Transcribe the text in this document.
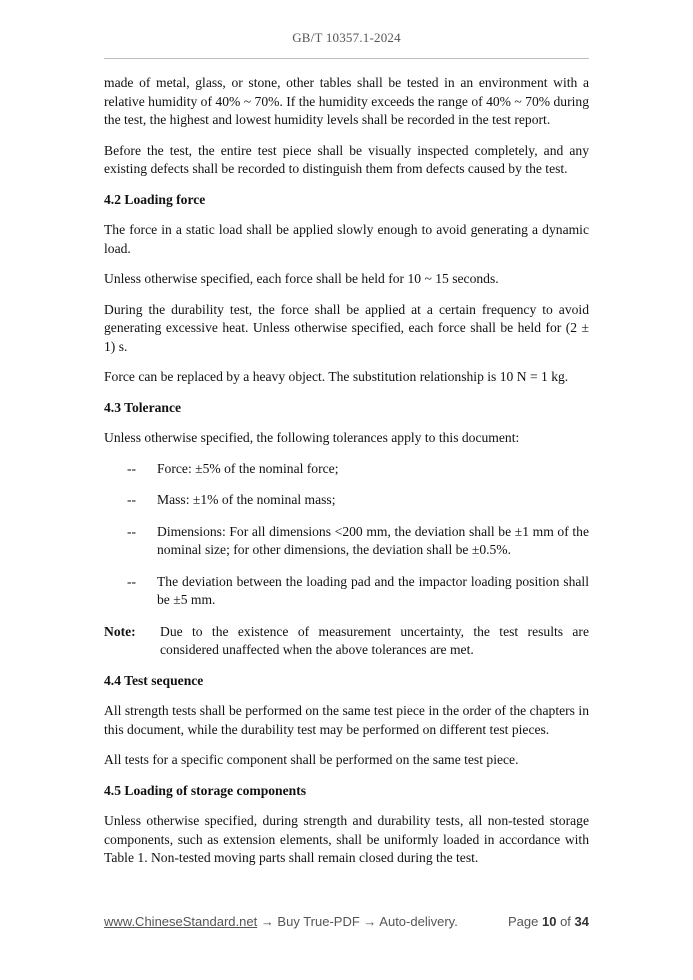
GB/T 10357.1-2024

made of metal, glass, or stone, other tables shall be tested in an environment with a relative humidity of 40% ~ 70%. If the humidity exceeds the range of 40% ~ 70% during the test, the highest and lowest humidity levels shall be recorded in the test report.

Before the test, the entire test piece shall be visually inspected completely, and any existing defects shall be recorded to distinguish them from defects caused by the test.

4.2 Loading force

The force in a static load shall be applied slowly enough to avoid generating a dynamic load.

Unless otherwise specified, each force shall be held for 10 ~ 15 seconds.

During the durability test, the force shall be applied at a certain frequency to avoid generating excessive heat. Unless otherwise specified, each force shall be held for (2 ± 1) s.

Force can be replaced by a heavy object. The substitution relationship is 10 N = 1 kg.

4.3 Tolerance

Unless otherwise specified, the following tolerances apply to this document:

--	Force: ±5% of the nominal force;
--	Mass: ±1% of the nominal mass;
--	Dimensions: For all dimensions <200 mm, the deviation shall be ±1 mm of the nominal size; for other dimensions, the deviation shall be ±0.5%.
--	The deviation between the loading pad and the impactor loading position shall be ±5 mm.
Note:	Due to the existence of measurement uncertainty, the test results are considered unaffected when the above tolerances are met.
4.4 Test sequence

All strength tests shall be performed on the same test piece in the order of the chapters in this document, while the durability test may be performed on different test pieces.

All tests for a specific component shall be performed on the same test piece.

4.5 Loading of storage components

Unless otherwise specified, during strength and durability tests, all non-tested storage components, such as extension elements, shall be uniformly loaded in accordance with Table 1. Non-tested moving parts shall remain closed during the test.

www.ChineseStandard.net → Buy True-PDF → Auto-delivery.	Page 10 of 34
